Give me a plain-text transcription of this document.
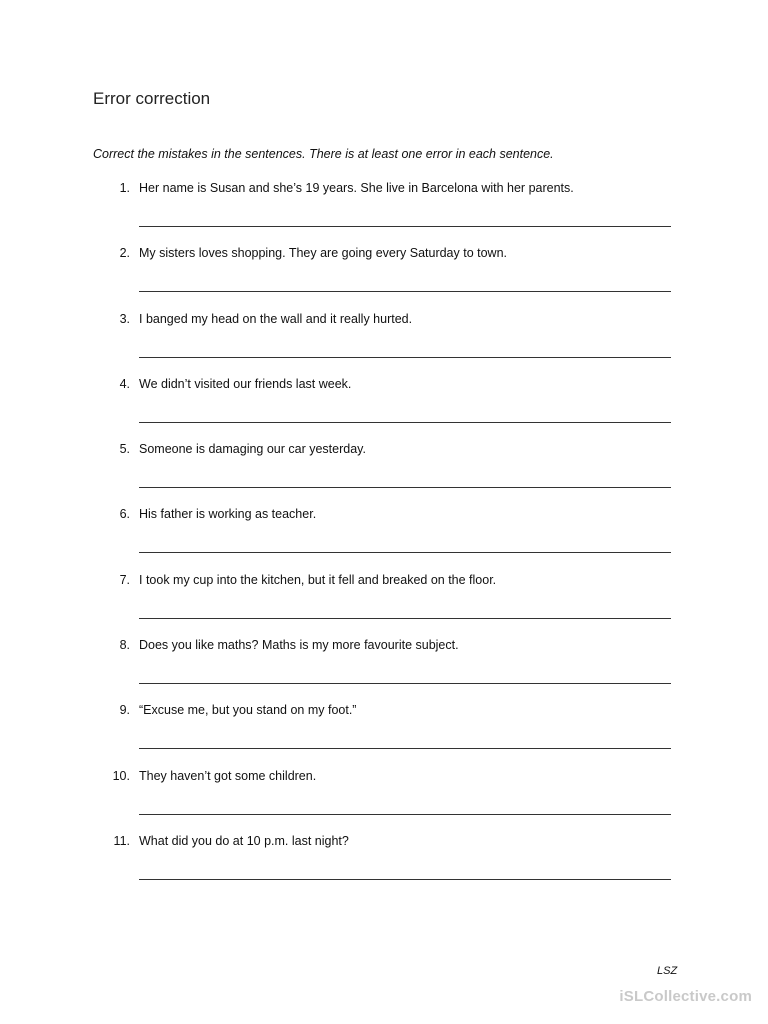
Error correction
Correct the mistakes in the sentences. There is at least one error in each sentence.
1. Her name is Susan and she’s 19 years. She live in Barcelona with her parents.
2. My sisters loves shopping. They are going every Saturday to town.
3. I banged my head on the wall and it really hurted.
4. We didn’t visited our friends last week.
5. Someone is damaging our car yesterday.
6. His father is working as teacher.
7. I took my cup into the kitchen, but it fell and breaked on the floor.
8. Does you like maths? Maths is my more favourite subject.
9. “Excuse me, but you stand on my foot.”
10. They haven’t got some children.
11. What did you do at 10 p.m. last night?
LSZ
iSLCollective.com
